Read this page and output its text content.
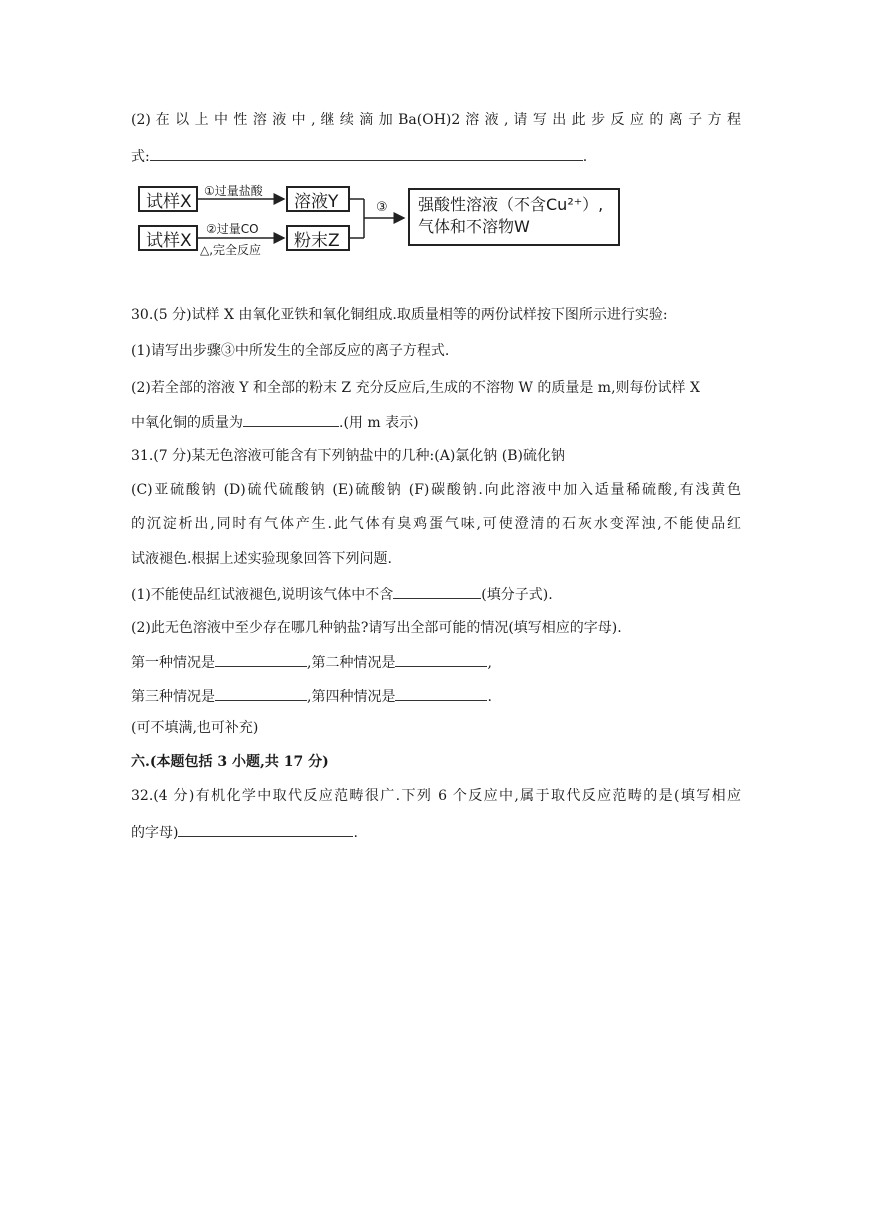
(2) 在 以 上 中 性 溶 液 中 , 继 续 滴 加 Ba(OH)2 溶 液 , 请 写 出 此 步 反 应 的 离 子 方 程
式:	.
试样X
试样X
①过量盐酸
②过量CO
△,完全反应
溶液Y
粉末Z
③ 强酸性溶液（不含Cu²⁺）,
气体和不溶物W
30.(5 分)试样 X 由氧化亚铁和氧化铜组成.取质量相等的两份试样按下图所示进行实验:
(1)请写出步骤③中所发生的全部反应的离子方程式.
(2)若全部的溶液 Y 和全部的粉末 Z 充分反应后,生成的不溶物 W 的质量是 m,则每份试样 X
中氧化铜的质量为	.(用 m 表示)
31.(7 分)某无色溶液可能含有下列钠盐中的几种:(A)氯化钠 (B)硫化钠
(C)亚硫酸钠 (D)硫代硫酸钠 (E)硫酸钠 (F)碳酸钠.向此溶液中加入适量稀硫酸,有浅黄色
的沉淀析出,同时有气体产生.此气体有臭鸡蛋气味,可使澄清的石灰水变浑浊,不能使品红
试液褪色.根据上述实验现象回答下列问题.
(1)不能使品红试液褪色,说明该气体中不含	(填分子式).
(2)此无色溶液中至少存在哪几种钠盐?请写出全部可能的情况(填写相应的字母).
第一种情况是	,第二种情况是	,
第三种情况是	,第四种情况是	.
(可不填满,也可补充)
六.(本题包括 3 小题,共 17 分)
32.(4 分)有机化学中取代反应范畴很广.下列 6 个反应中,属于取代反应范畴的是(填写相应
的字母)	.
